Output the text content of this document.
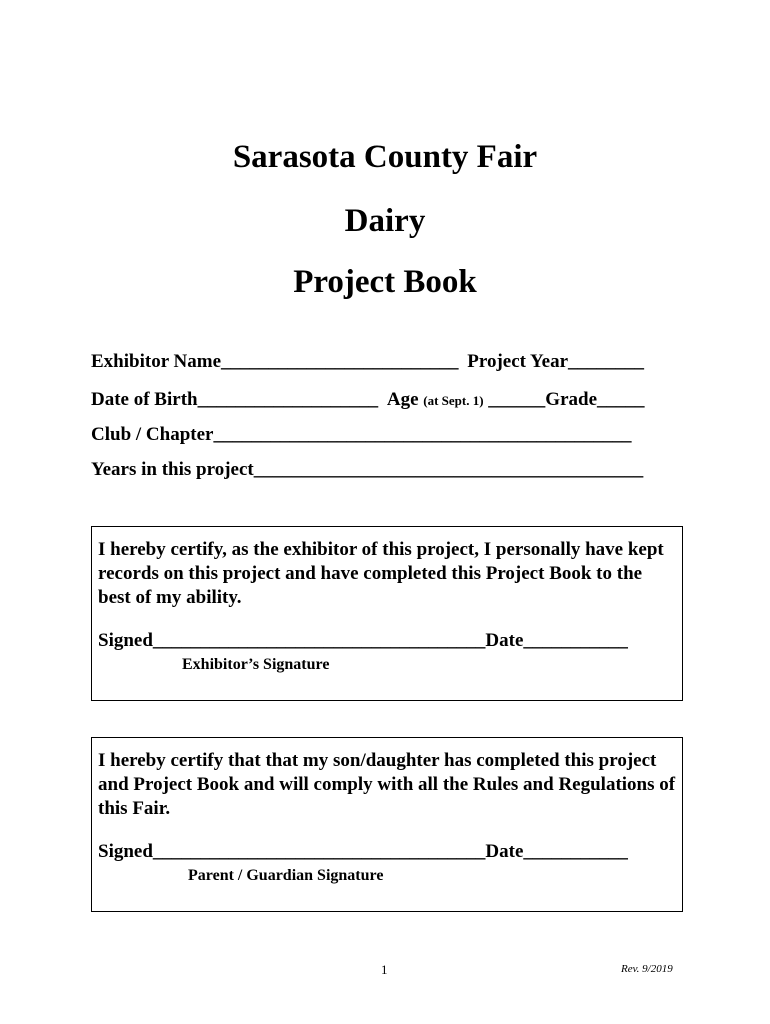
Sarasota County Fair
Dairy
Project Book
Exhibitor Name_________________________ Project Year________
Date of Birth___________________ Age (at Sept. 1) ______Grade_____
Club / Chapter____________________________________________
Years in this project_________________________________________
I hereby certify, as the exhibitor of this project, I personally have kept records on this project and have completed this Project Book to the best of my ability.
Signed___________________________________Date___________
Exhibitor’s Signature
I hereby certify that that my son/daughter has completed this project and Project Book and will comply with all the Rules and Regulations of this Fair.
Signed___________________________________Date___________
Parent / Guardian Signature
1	Rev. 9/2019
